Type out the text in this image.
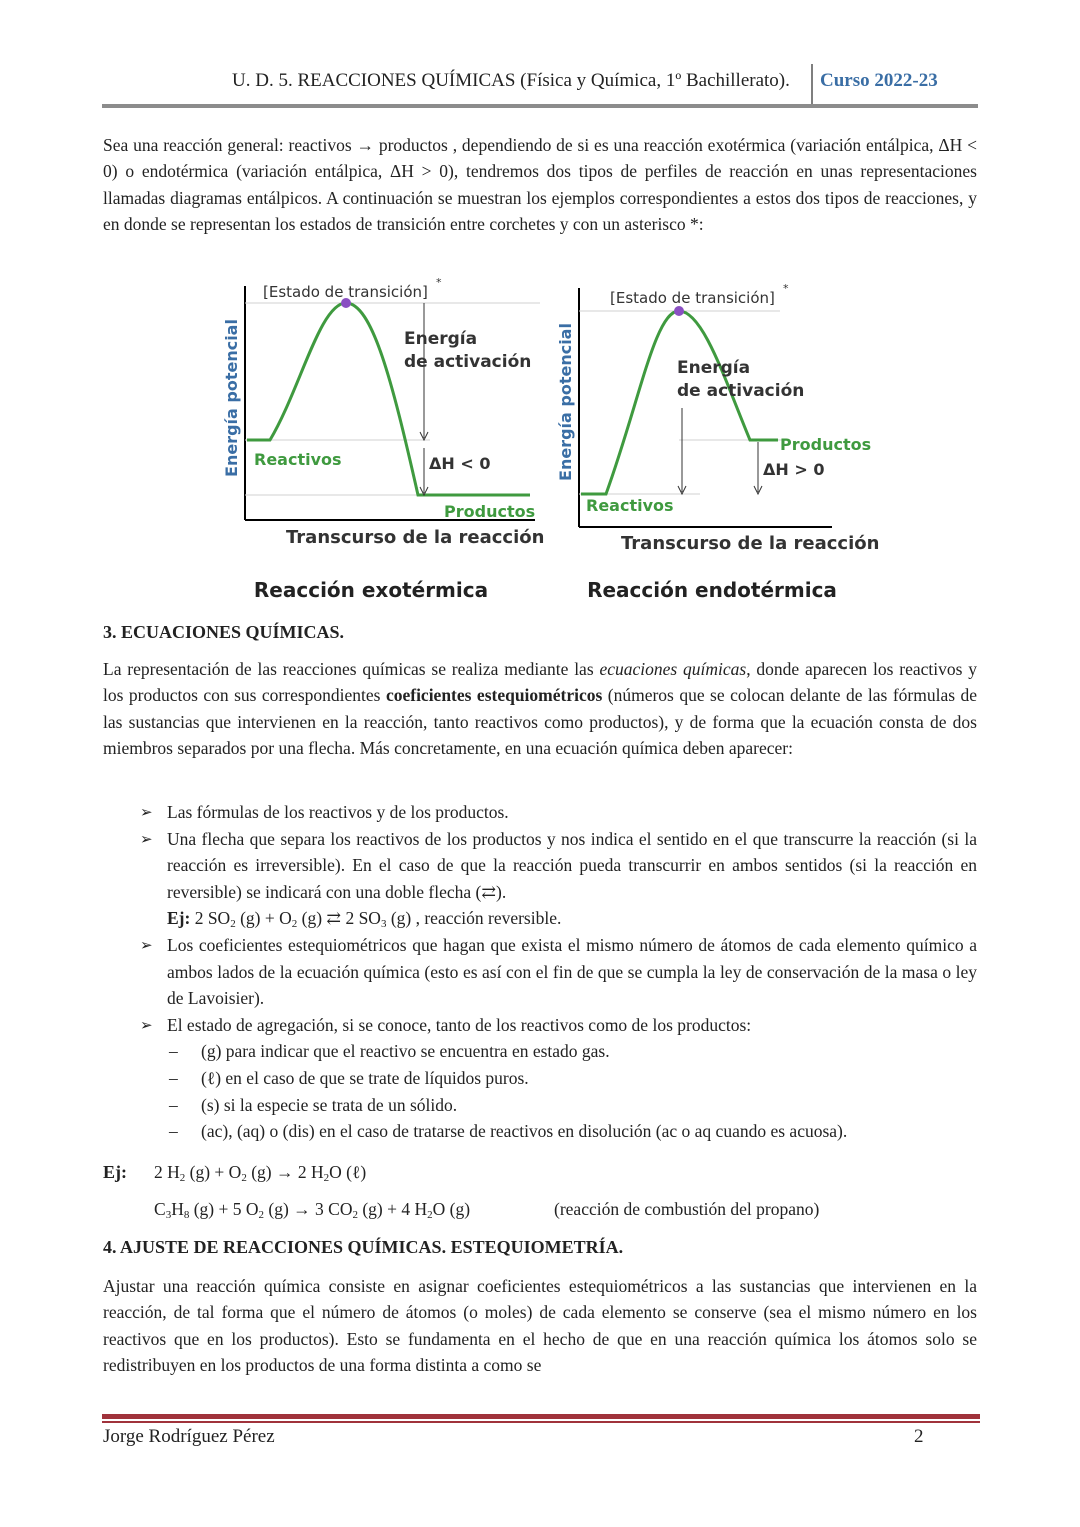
U. D. 5. REACCIONES QUÍMICAS (Física y Química, 1º Bachillerato). Curso 2022-23
Sea una reacción general: reactivos → productos , dependiendo de si es una reacción exotérmica (variación entálpica, ΔH < 0) o endotérmica (variación entálpica, ΔH > 0), tendremos dos tipos de perfiles de reacción en unas representaciones llamadas diagramas entálpicos. A continuación se muestran los ejemplos correspondientes a estos dos tipos de reacciones, y en donde se representan los estados de transición entre corchetes y con un asterisco *:
[Estado de transición]
*
Energía potencial	Energía
de activación
Reactivos	ΔH < 0
Productos
Transcurso de la reacción
Reacción exotérmica
[Estado de transición]
*
Energía potencial	Energía
de activación
Productos
ΔH > 0
Reactivos
Transcurso de la reacción
Reacción endotérmica
3. ECUACIONES QUÍMICAS.
La representación de las reacciones químicas se realiza mediante las ecuaciones químicas, donde aparecen los reactivos y los productos con sus correspondientes coeficientes estequiométricos (números que se colocan delante de las fórmulas de las sustancias que intervienen en la reacción, tanto reactivos como productos), y de forma que la ecuación consta de dos miembros separados por una flecha. Más concretamente, en una ecuación química deben aparecer:
➢ Las fórmulas de los reactivos y de los productos.
➢ Una flecha que separa los reactivos de los productos y nos indica el sentido en el que transcurre la reacción (si la reacción es irreversible). En el caso de que la reacción pueda transcurrir en ambos sentidos (si la reacción en reversible) se indicará con una doble flecha (⇄).
Ej: 2 $SO_2$ $(g) + O_2$ (g) ⇄ 2 $SO_3$ (g) , reacción reversible.
➢ Los coeficientes estequiométricos que hagan que exista el mismo número de átomos de cada elemento químico a ambos lados de la ecuación química (esto es así con el fin de que se cumpla la ley de conservación de la masa o ley de Lavoisier).
➢ El estado de agregación, si se conoce, tanto de los reactivos como de los productos:
– (g) para indicar que el reactivo se encuentra en estado gas.
– (ℓ) en el caso de que se trate de líquidos puros.
– (s) si la especie se trata de un sólido.
– (ac), (aq) o (dis) en el caso de tratarse de reactivos en disolución (ac o aq cuando es acuosa).
Ej: 2 $H_2$ $(g) + O_2$ (g) → 2 $H_2O$ (ℓ)
$C_3H_8$ (g) + 5 $O_2$ (g) → 3 $CO_2$ (g) + 4 $H_2O$ (g)	(reacción de combustión del propano)
4. AJUSTE DE REACCIONES QUÍMICAS. ESTEQUIOMETRÍA.
Ajustar una reacción química consiste en asignar coeficientes estequiométricos a las sustancias que intervienen en la reacción, de tal forma que el número de átomos (o moles) de cada elemento se conserve (sea el mismo número en los reactivos que en los productos). Esto se fundamenta en el hecho de que en una reacción química los átomos solo se redistribuyen en los productos de una forma distinta a como se
Jorge Rodríguez Pérez	2
